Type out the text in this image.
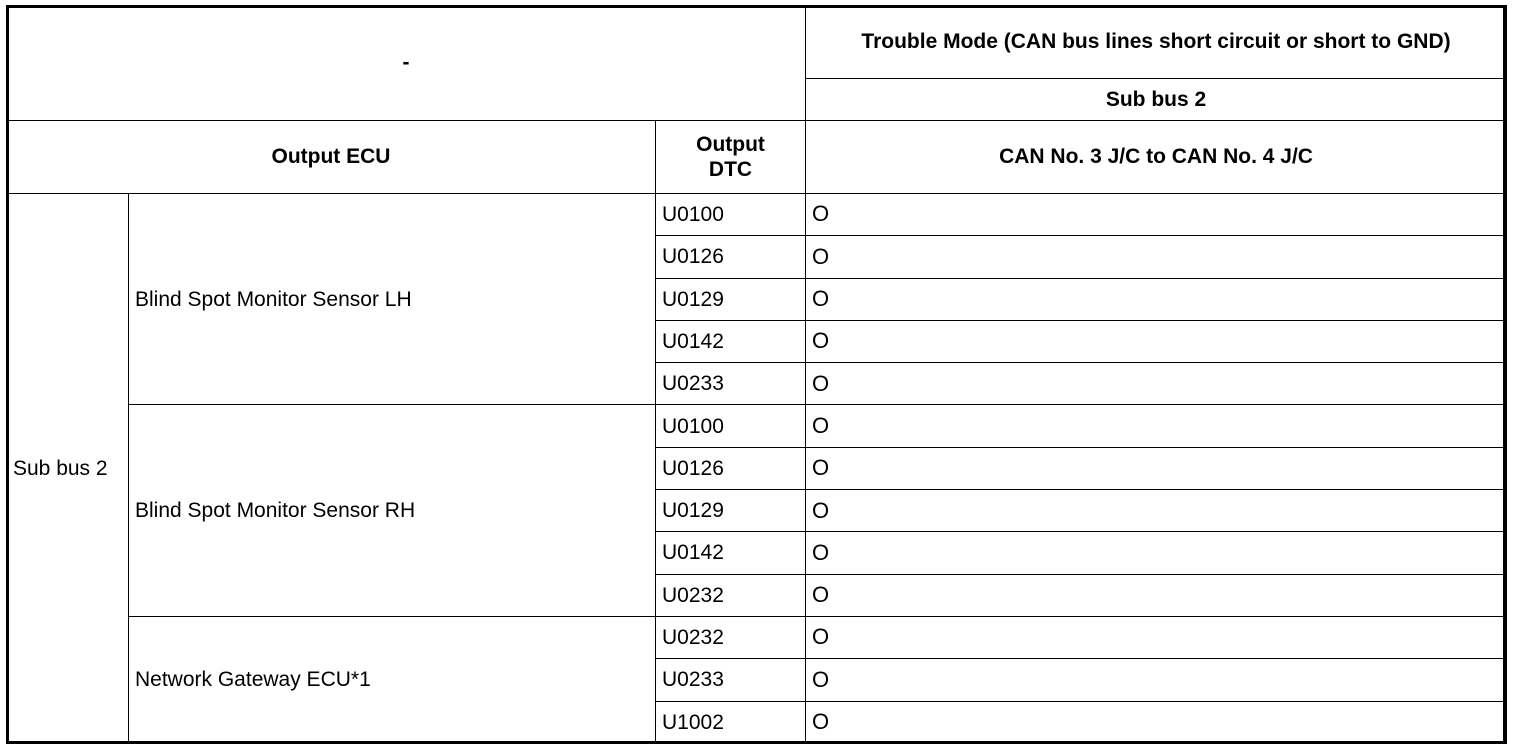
-			Trouble Mode (CAN bus lines short circuit or short to GND)
			Sub bus 2
Output ECU		Output DTC	CAN No. 3 J/C to CAN No. 4 J/C
Sub bus 2	Blind Spot Monitor Sensor LH	U0100	O
		U0126	O
		U0129	O
		U0142	O
		U0233	O
	Blind Spot Monitor Sensor RH	U0100	O
		U0126	O
		U0129	O
		U0142	O
		U0232	O
	Network Gateway ECU*1	U0232	O
		U0233	O
		U1002	O
